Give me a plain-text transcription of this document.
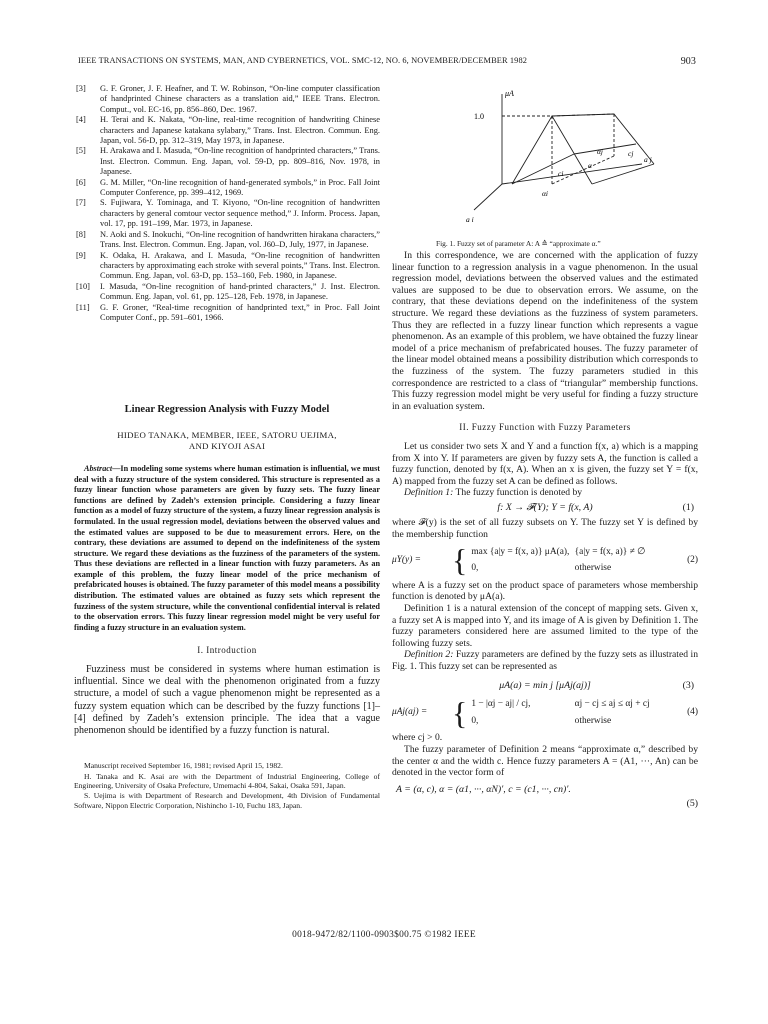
IEEE TRANSACTIONS ON SYSTEMS, MAN, AND CYBERNETICS, VOL. SMC-12, NO. 6, NOVEMBER/DECEMBER 1982	903

[3] G. F. Groner, J. F. Heafner, and T. W. Robinson, “On-line computer classification of handprinted Chinese characters as a translation aid,” IEEE Trans. Electron. Comput., vol. EC-16, pp. 856–860, Dec. 1967.

[4] H. Terai and K. Nakata, “On-line, real-time recognition of handwriting Chinese characters and Japanese katakana sylabary,” Trans. Inst. Electron. Commun. Eng. Japan, vol. 56-D, pp. 312–319, May 1973, in Japanese.

[5] H. Arakawa and I. Masuda, “On-line recognition of handprinted characters,” Trans. Inst. Electron. Commun. Eng. Japan, vol. 59-D, pp. 809–816, Nov. 1978, in Japanese.

[6] G. M. Miller, “On-line recognition of hand-generated symbols,” in Proc. Fall Joint Computer Conference, pp. 399–412, 1969.

[7] S. Fujiwara, Y. Tominaga, and T. Kiyono, “On-line recognition of handwritten characters by general comtour vector sequence method,” J. Inform. Process. Japan, vol. 17, pp. 191–199, Mar. 1973, in Japanese.

[8] N. Aoki and S. Inokuchi, “On-line recognition of handwritten hirakana characters,” Trans. Inst. Electron. Commun. Eng. Japan, vol. J60–D, July, 1977, in Japanese.

[9] K. Odaka, H. Arakawa, and I. Masuda, “On-line recognition of handwritten characters by approximating each stroke with several points,” Trans. Inst. Electron. Commun. Eng. Japan, vol. 63-D, pp. 153–160, Feb. 1980, in Japanese.

[10] I. Masuda, “On-line recognition of hand-printed characters,” J. Inst. Electron. Commun. Eng. Japan, vol. 61, pp. 125–128, Feb. 1978, in Japanese.

[11] G. F. Groner, “Real-time recognition of handprinted text,” in Proc. Fall Joint Computer Conf., pp. 591–601, 1966.

Linear Regression Analysis with Fuzzy Model
HIDEO TANAKA, MEMBER, IEEE, SATORU UEJIMA,
AND KIYOJI ASAI

Abstract—In modeling some systems where human estimation is influential, we must deal with a fuzzy structure of the system considered. This structure is represented as a fuzzy linear function whose parameters are given by fuzzy sets. The fuzzy linear functions are defined by Zadeh’s extension principle. Considering a fuzzy linear function as a model of fuzzy structure of the system, a fuzzy linear regression analysis is formulated. In the usual regression model, deviations between the observed values and the estimated values are supposed to be due to measurement errors. Here, on the contrary, these deviations are assumed to depend on the indefiniteness of the system structure. We regard these deviations as the fuzziness of the parameters of the system. Thus these deviations are reflected in a linear function with fuzzy parameters. As an example of this problem, the fuzzy linear model of the price mechanism of prefabricated houses is obtained. The fuzzy parameter of this model means a possibility distribution. The estimated values are obtained as fuzzy sets which represent the fuzziness of the system structure, while the conventional confidential interval is related to the observation errors. This fuzzy linear regression model might be very useful for finding a fuzzy structure in an evaluation system.

I. Introduction

Fuzziness must be considered in systems where human estimation is influential. Since we deal with the phenomenon originated from a fuzzy structure, a model of such a vague phenomenon might be represented as a fuzzy system equation which can be described by the fuzzy functions [1]–[4] defined by Zadeh’s extension principle. The idea that a vague phenomenon should be identified by a fuzzy function is natural.

Manuscript received September 16, 1981; revised April 15, 1982.

H. Tanaka and K. Asai are with the Department of Industrial Engineering, College of Engineering, University of Osaka Prefecture, Umemachi 4-804, Sakai, Osaka 591, Japan.

S. Uejima is with Department of Research and Development, 4th Division of Fundamental Software, Nippon Electric Corporation, Nishincho 1-10, Fuchu 183, Japan.

1.0
μA
αi
αj
ci
cj
α
a i
a j
Fig. 1. Fuzzy set of parameter A: A ≙ “approximate α.”

In this correspondence, we are concerned with the application of fuzzy linear function to a regression analysis in a vague phenomenon. In the usual regression model, deviations between the observed values and the estimated values are supposed to be due to observation errors. We assume, on the contrary, that these deviations depend on the indefiniteness of the system structure. We regard these deviations as the fuzziness of system parameters. Thus they are reflected in a fuzzy linear function which represents a vague phenomenon. As an example of this problem, we have obtained the fuzzy linear model of a price mechanism of prefabricated houses. The fuzzy parameter of the linear model obtained means a possibility distribution which corresponds to the fuzziness of the system. The fuzzy parameters studied in this correspondence are restricted to a class of “triangular” membership functions. This fuzzy regression model might be very useful for finding a fuzzy structure in an evaluation system.

II. Fuzzy Function with Fuzzy Parameters

Let us consider two sets X and Y and a function f(x, a) which is a mapping from X into Y. If parameters are given by fuzzy sets A, the function is called a fuzzy function, denoted by f(x, A). When an x is given, the fuzzy set Y = f(x, A) mapped from the fuzzy set A can be defined as follows.

Definition 1: The fuzzy function is denoted by

f: X → 𝓕(Y); Y = f(x, A)	(1)

where 𝓕(y) is the set of all fuzzy subsets on Y. The fuzzy set Y is defined by the membership function

μY(y) = { max {a|y = f(x, a)} μA(a), {a|y = f(x, a)} ≠ ∅
0,	otherwise
(2)

where A is a fuzzy set on the product space of parameters whose membership function is denoted by μA(a).

Definition 1 is a natural extension of the concept of mapping sets. Given x, a fuzzy set A is mapped into Y, and its image of A is given by Definition 1. The fuzzy parameters considered here are assumed limited to the type of the following fuzzy sets.

Definition 2: Fuzzy parameters are defined by the fuzzy sets as illustrated in Fig. 1. This fuzzy set can be represented as

μA(a) = min j [μAj(aj)]	(3)
μAj(aj) = { 1 − |αj − aj| / cj,	αj − cj ≤ aj ≤ αj + cj
0,	otherwise
(4)

where cj > 0.

The fuzzy parameter of Definition 2 means “approximate α,” described by the center α and the width c. Hence fuzzy parameters A = (A1, ···, An) can be denoted in the vector form of

A = (α, c), α = (α1, ···, αN)′, c = (c1, ···, cn)′.
(5)
0018-9472/82/1100-0903$00.75 ©1982 IEEE
